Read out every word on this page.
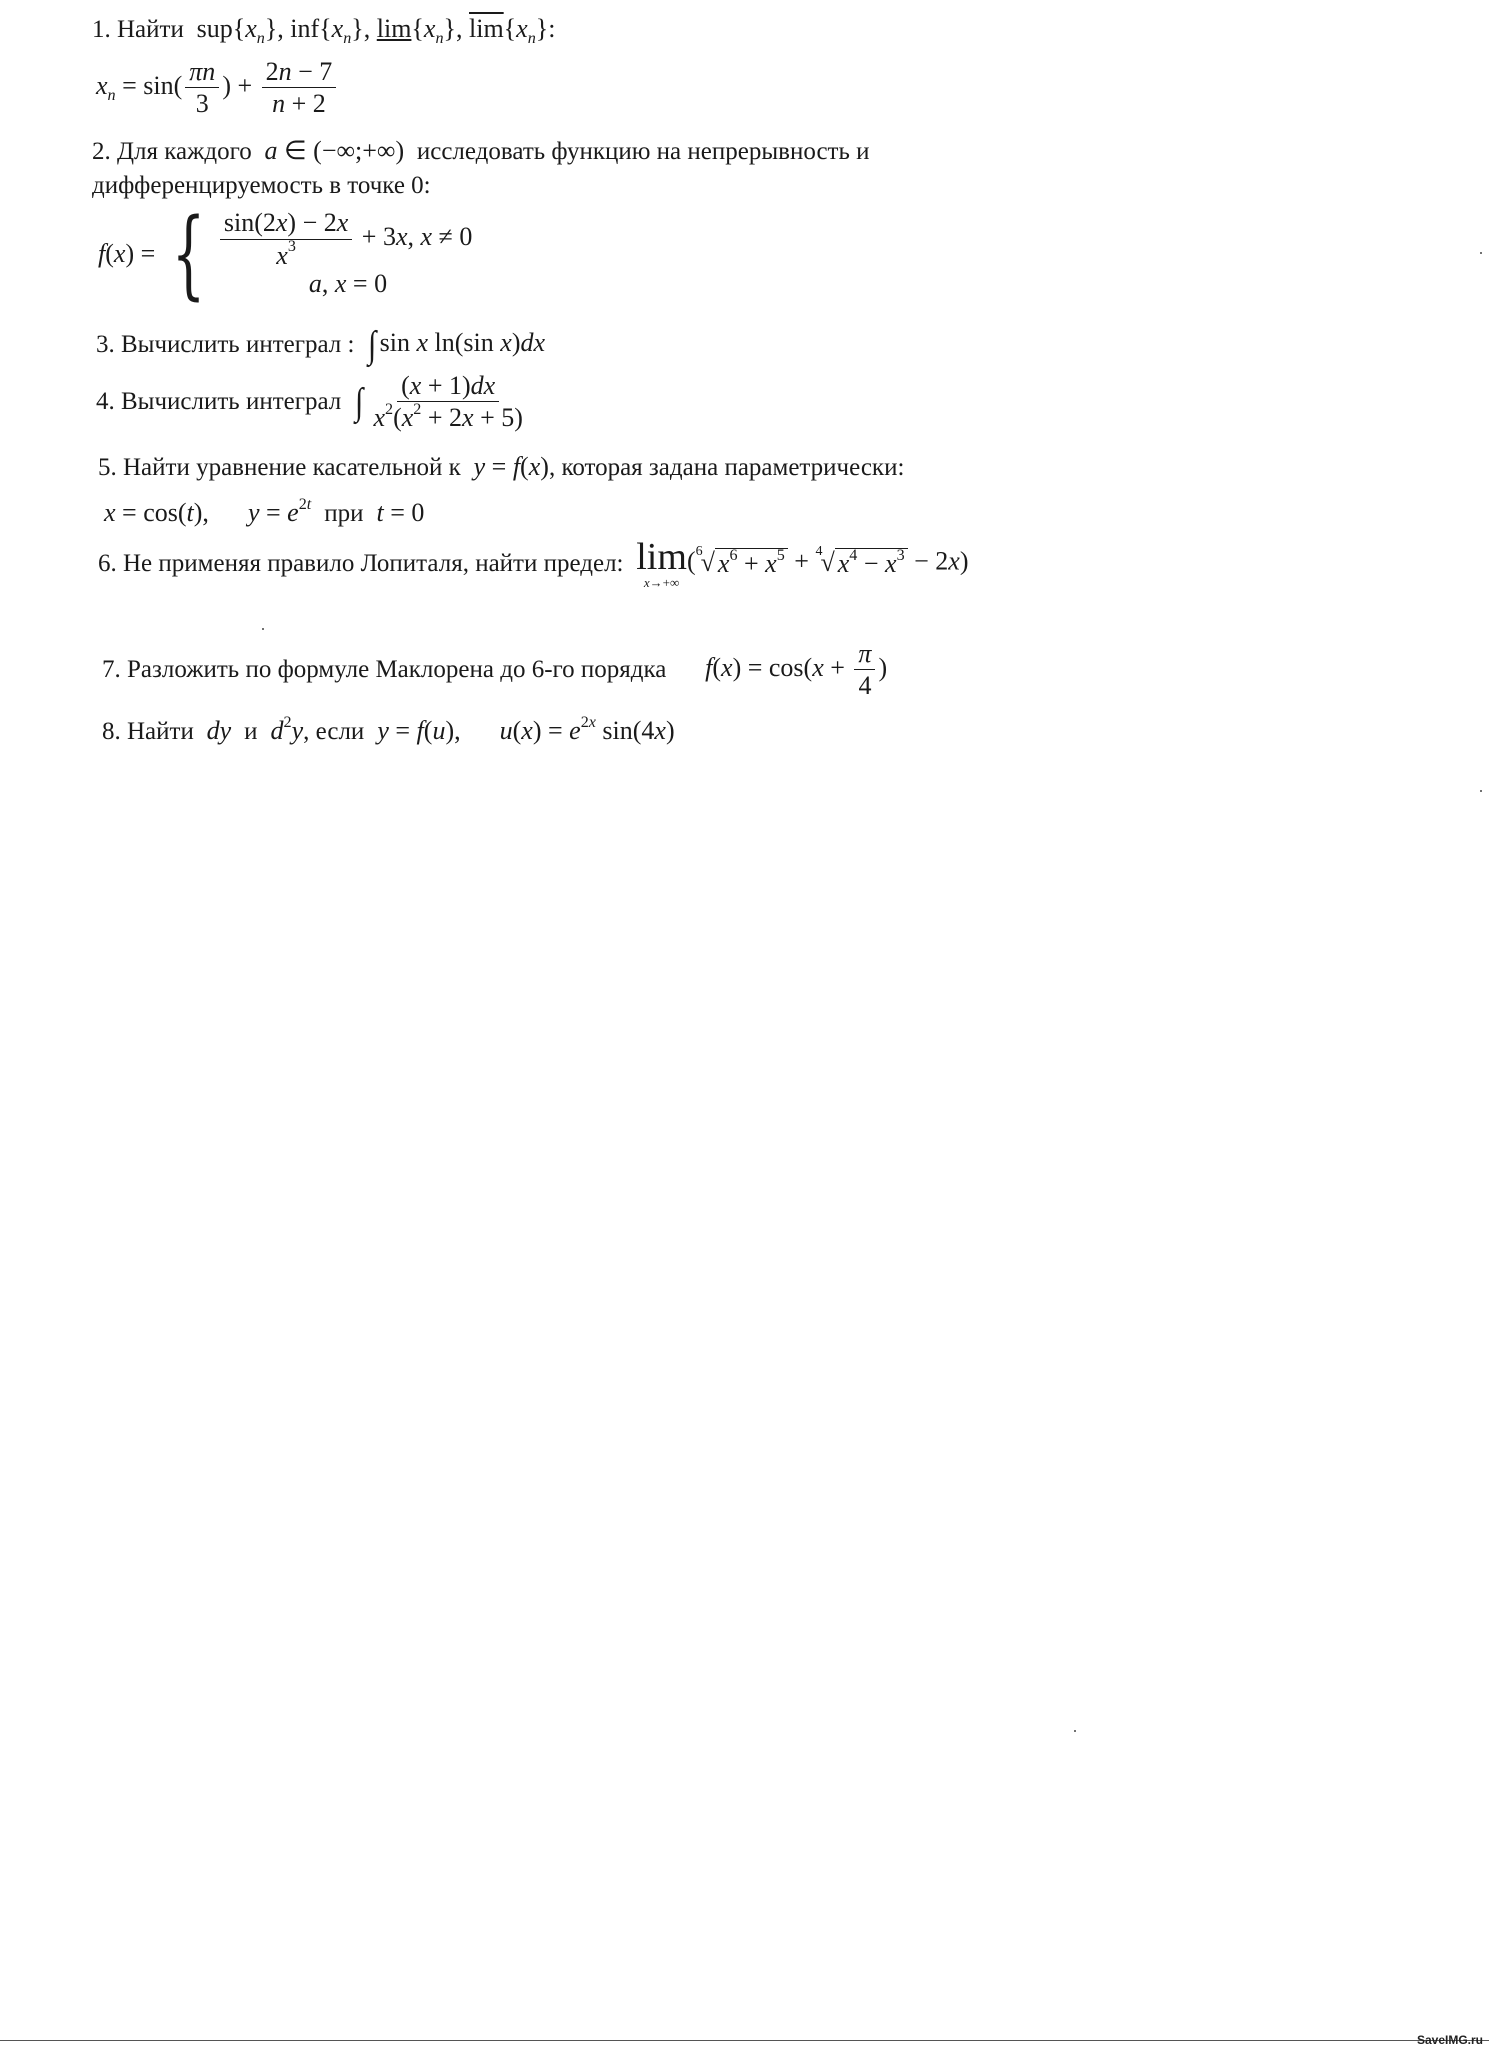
1. Найти  $sup\{x_n\}$, $inf\{x_n\}$, $\lim\{x_n\}$, $\overline{lim}\{x_n\}$:
$x_n = \sin( \frac{\pi n}{3}$ ) + $\frac{2n - 7}{n + 2}$
2. Для каждого a ∈ (−∞;+∞)  исследовать функцию на непрерывность и
дифференцируемость в точке 0:
f(x) = { $\frac{\sin(2x) - 2x}{x^3} + 3x$, x ≠ 0
a, x = 0
3. Вычислить интеграл : ∫ sin x ln(sin x)dx
4. Вычислить интеграл ∫ $\frac{(x + 1)dx}{x^2(x^2 + 2x + 5)}$
5. Найти уравнение касательной к y = f(x), которая задана параметрически:
x = cos(t),      $y = e^{2t}$ при t = 0
6. Не применяя правило Лопиталя, найти предел: lim
x→+∞
( 6
√ $x^6 + x^5 + 4$
√ $x^4 - x^3 - 2x$)
7. Разложить по формуле Маклорена до 6-го порядка $f(x) = \cos(x + \frac{\pi}{4}$ )
8. Найти dy и $d^2y$, если y = f(u),      $u(x) = e^{2x}$ sin(4x)
SaveIMG.ru
